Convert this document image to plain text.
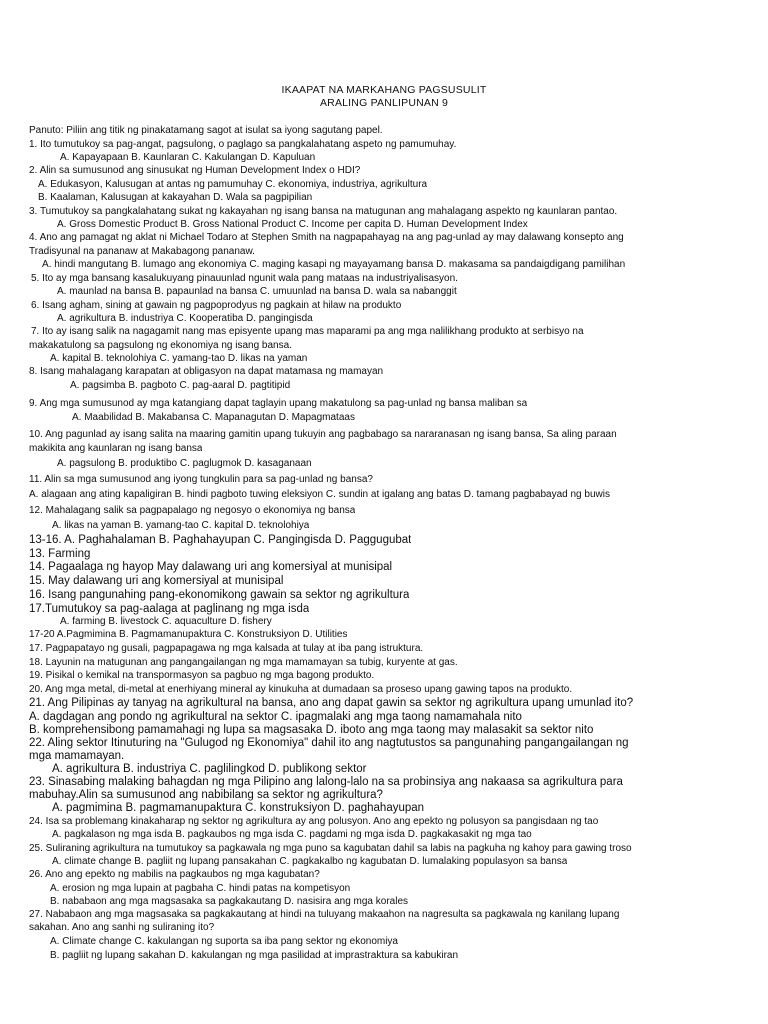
IKAAPAT NA MARKAHANG PAGSUSULIT
ARALING PANLIPUNAN 9
Panuto: Piliin ang titik ng pinakatamang sagot at isulat sa iyong sagutang papel.
1. Ito tumutukoy sa pag-angat, pagsulong, o paglago sa pangkalahatang aspeto ng pamumuhay.
A. Kapayapaan B. Kaunlaran C. Kakulangan D. Kapuluan
2. Alin sa sumusunod ang sinusukat ng Human Development Index o HDI?
A. Edukasyon, Kalusugan at antas ng pamumuhay C. ekonomiya, industriya, agrikultura
B. Kaalaman, Kalusugan at kakayahan D. Wala sa pagpipilian
3. Tumutukoy sa pangkalahatang sukat ng kakayahan ng isang bansa na matugunan ang mahalagang aspekto ng kaunlaran pantao.
A. Gross Domestic Product B. Gross National Product C. Income per capita D. Human Development Index
4. Ano ang pamagat ng aklat ni Michael Todaro at Stephen Smith na nagpapahayag na ang pag-unlad ay may dalawang konsepto ang
Tradisyunal na pananaw at Makabagong pananaw.
A. hindi mangutang B. lumago ang ekonomiya C. maging kasapi ng mayayamang bansa D. makasama sa pandaigdigang pamilihan
5. Ito ay mga bansang kasalukuyang pinauunlad ngunit wala pang mataas na industriyalisasyon.
A. maunlad na bansa B. papaunlad na bansa C. umuunlad na bansa D. wala sa nabanggit
6. Isang agham, sining at gawain ng pagpoprodyus ng pagkain at hilaw na produkto
A. agrikultura B. industriya C. Kooperatiba D. pangingisda
7. Ito ay isang salik na nagagamit nang mas episyente upang mas maparami pa ang mga nalilikhang produkto at serbisyo na
makakatulong sa pagsulong ng ekonomiya ng isang bansa.
A. kapital B. teknolohiya C. yamang-tao D. likas na yaman
8. Isang mahalagang karapatan at obligasyon na dapat matamasa ng mamayan
A. pagsimba B. pagboto C. pag-aaral D. pagtitipid
9. Ang mga sumusunod ay mga katangiang dapat taglayin upang makatulong sa pag-unlad ng bansa maliban sa
A. Maabilidad B. Makabansa C. Mapanagutan D. Mapagmataas
10. Ang pagunlad ay isang salita na maaring gamitin upang tukuyin ang pagbabago sa nararanasan ng isang bansa, Sa aling paraan
makikita ang kaunlaran ng isang bansa
A. pagsulong B. produktibo C. paglugmok D. kasaganaan
11. Alin sa mga sumusunod ang iyong tungkulin para sa pag-unlad ng bansa?
A. alagaan ang ating kapaligiran B. hindi pagboto tuwing eleksiyon C. sundin at igalang ang batas D. tamang pagbabayad ng buwis
12. Mahalagang salik sa pagpapalago ng negosyo o ekonomiya ng bansa
A. likas na yaman B. yamang-tao C. kapital D. teknolohiya
13-16. A. Paghahalaman B. Paghahayupan C. Pangingisda D. Paggugubat
13. Farming
14. Pagaalaga ng hayop May dalawang uri ang komersiyal at munisipal
15. May dalawang uri ang komersiyal at munisipal
16. Isang pangunahing pang-ekonomikong gawain sa sektor ng agrikultura
17.Tumutukoy sa pag-aalaga at paglinang ng mga isda
A. farming B. livestock C. aquaculture D. fishery
17-20 A.Pagmimina B. Pagmamanupaktura C. Konstruksiyon D. Utilities
17. Pagpapatayo ng gusali, pagpapagawa ng mga kalsada at tulay at iba pang istruktura.
18. Layunin na matugunan ang pangangailangan ng mga mamamayan sa tubig, kuryente at gas.
19. Pisikal o kemikal na transpormasyon sa pagbuo ng mga bagong produkto.
20. Ang mga metal, di-metal at enerhiyang mineral ay kinukuha at dumadaan sa proseso upang gawing tapos na produkto.
21. Ang Pilipinas ay tanyag na agrikultural na bansa, ano ang dapat gawin sa sektor ng agrikultura upang umunlad ito?
A. dagdagan ang pondo ng agrikultural na sektor C. ipagmalaki ang mga taong namamahala nito
B. komprehensibong pamamahagi ng lupa sa magsasaka D. iboto ang mga taong may malasakit sa sektor nito
22. Aling sektor Itinuturing na "Gulugod ng Ekonomiya" dahil ito ang nagtutustos sa pangunahing pangangailangan ng
mga mamamayan.
A. agrikultura B. industriya C. paglilingkod D. publikong sektor
23. Sinasabing malaking bahagdan ng mga Pilipino ang lalong-lalo na sa probinsiya ang nakaasa sa agrikultura para
mabuhay.Alin sa sumusunod ang nabibilang sa sektor ng agrikultura?
A. pagmimina B. pagmamanupaktura C. konstruksiyon D. paghahayupan
24. Isa sa problemang kinakaharap ng sektor ng agrikultura ay ang polusyon. Ano ang epekto ng polusyon sa pangisdaan ng tao
A. pagkalason ng mga isda B. pagkaubos ng mga isda C. pagdami ng mga isda D. pagkakasakit ng mga tao
25. Suliraning agrikultura na tumutukoy sa pagkawala ng mga puno sa kagubatan dahil sa labis na pagkuha ng kahoy para gawing troso
A. climate change B. pagliit ng lupang pansakahan C. pagkakalbo ng kagubatan D. lumalaking populasyon sa bansa
26. Ano ang epekto ng mabilis na pagkaubos ng mga kagubatan?
A. erosion ng mga lupain at pagbaha C. hindi patas na kompetisyon
B. nababaon ang mga magsasaka sa pagkakautang D. nasisira ang mga korales
27. Nababaon ang mga magsasaka sa pagkakautang at hindi na tuluyang makaahon na nagresulta sa pagkawala ng kanilang lupang
sakahan. Ano ang sanhi ng suliraning ito?
A. Climate change C. kakulangan ng suporta sa iba pang sektor ng ekonomiya
B. pagliit ng lupang sakahan D. kakulangan ng mga pasilidad at imprastraktura sa kabukiran
